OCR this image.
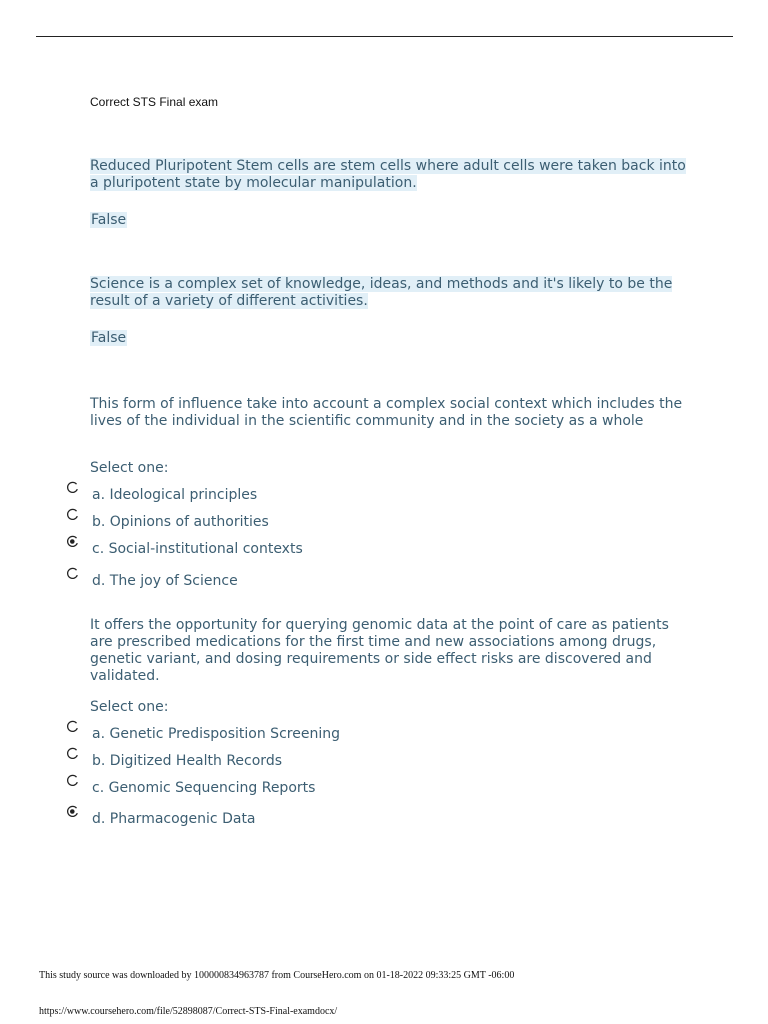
Correct STS Final exam
Reduced Pluripotent Stem cells are stem cells where adult cells were taken back into a pluripotent state by molecular manipulation.
False
Science is a complex set of knowledge, ideas, and methods and it's likely to be the result of a variety of different activities.
False
This form of influence take into account a complex social context which includes the lives of the individual in the scientific community and in the society as a whole
Select one:
a. Ideological principles
b. Opinions of authorities
c. Social-institutional contexts
d. The joy of Science
It offers the opportunity for querying genomic data at the point of care as patients are prescribed medications for the first time and new associations among drugs, genetic variant, and dosing requirements or side effect risks are discovered and validated.
Select one:
a. Genetic Predisposition Screening
b. Digitized Health Records
c. Genomic Sequencing Reports
d. Pharmacogenic Data
This study source was downloaded by 100000834963787 from CourseHero.com on 01-18-2022 09:33:25 GMT -06:00
https://www.coursehero.com/file/52898087/Correct-STS-Final-examdocx/
